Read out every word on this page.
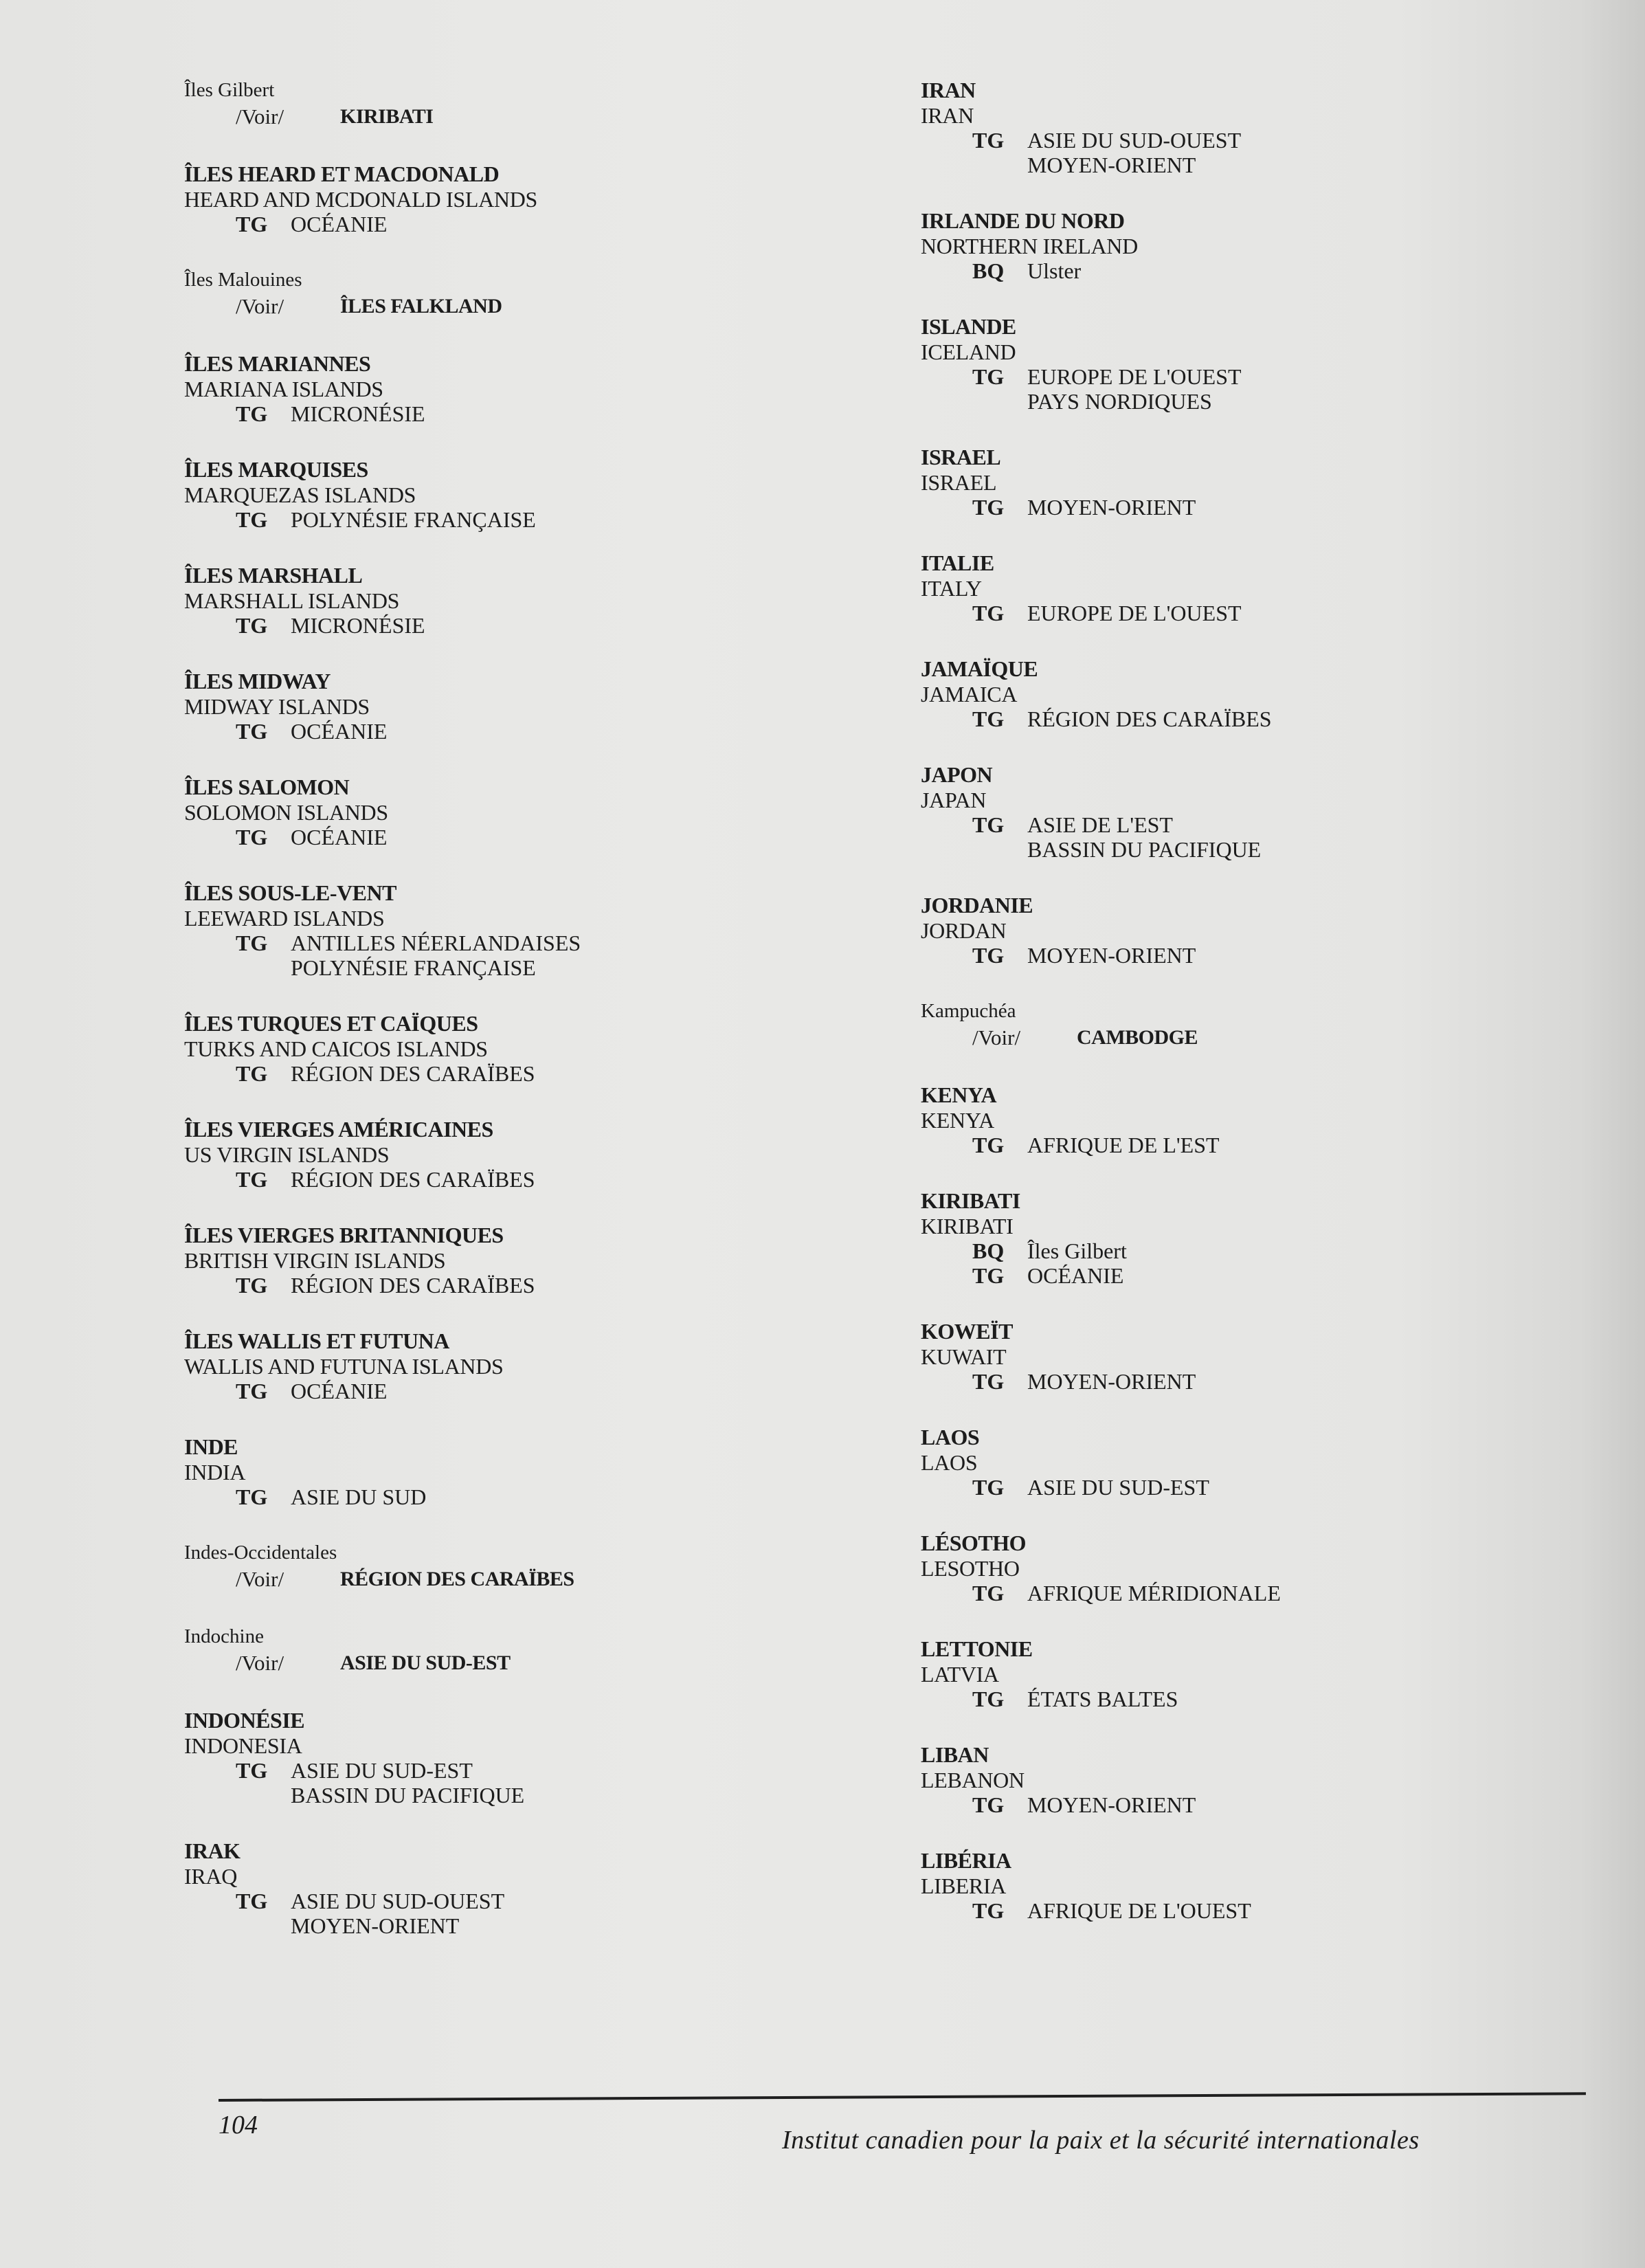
Îles Gilbert
/Voir/	KIRIBATI
ÎLES HEARD ET MACDONALD
HEARD AND MCDONALD ISLANDS
TG	OCÉANIE
Îles Malouines
/Voir/	ÎLES FALKLAND
ÎLES MARIANNES
MARIANA ISLANDS
TG	MICRONÉSIE
ÎLES MARQUISES
MARQUEZAS ISLANDS
TG	POLYNÉSIE FRANÇAISE
ÎLES MARSHALL
MARSHALL ISLANDS
TG	MICRONÉSIE
ÎLES MIDWAY
MIDWAY ISLANDS
TG	OCÉANIE
ÎLES SALOMON
SOLOMON ISLANDS
TG	OCÉANIE
ÎLES SOUS-LE-VENT
LEEWARD ISLANDS
TG	ANTILLES NÉERLANDAISES
POLYNÉSIE FRANÇAISE
ÎLES TURQUES ET CAÏQUES
TURKS AND CAICOS ISLANDS
TG	RÉGION DES CARAÏBES
ÎLES VIERGES AMÉRICAINES
US VIRGIN ISLANDS
TG	RÉGION DES CARAÏBES
ÎLES VIERGES BRITANNIQUES
BRITISH VIRGIN ISLANDS
TG	RÉGION DES CARAÏBES
ÎLES WALLIS ET FUTUNA
WALLIS AND FUTUNA ISLANDS
TG	OCÉANIE
INDE
INDIA
TG	ASIE DU SUD
Indes-Occidentales
/Voir/	RÉGION DES CARAÏBES
Indochine
/Voir/	ASIE DU SUD-EST
INDONÉSIE
INDONESIA
TG	ASIE DU SUD-EST
BASSIN DU PACIFIQUE
IRAK
IRAQ
TG	ASIE DU SUD-OUEST
MOYEN-ORIENT
IRAN
IRAN
TG	ASIE DU SUD-OUEST
MOYEN-ORIENT
IRLANDE DU NORD
NORTHERN IRELAND
BQ	Ulster
ISLANDE
ICELAND
TG	EUROPE DE L'OUEST
PAYS NORDIQUES
ISRAEL
ISRAEL
TG	MOYEN-ORIENT
ITALIE
ITALY
TG	EUROPE DE L'OUEST
JAMAÏQUE
JAMAICA
TG	RÉGION DES CARAÏBES
JAPON
JAPAN
TG	ASIE DE L'EST
BASSIN DU PACIFIQUE
JORDANIE
JORDAN
TG	MOYEN-ORIENT
Kampuchéa
/Voir/	CAMBODGE
KENYA
KENYA
TG	AFRIQUE DE L'EST
KIRIBATI
KIRIBATI
BQ	Îles Gilbert
TG	OCÉANIE
KOWEÏT
KUWAIT
TG	MOYEN-ORIENT
LAOS
LAOS
TG	ASIE DU SUD-EST
LÉSOTHO
LESOTHO
TG	AFRIQUE MÉRIDIONALE
LETTONIE
LATVIA
TG	ÉTATS BALTES
LIBAN
LEBANON
TG	MOYEN-ORIENT
LIBÉRIA
LIBERIA
TG	AFRIQUE DE L'OUEST
104
Institut canadien pour la paix et la sécurité internationales
